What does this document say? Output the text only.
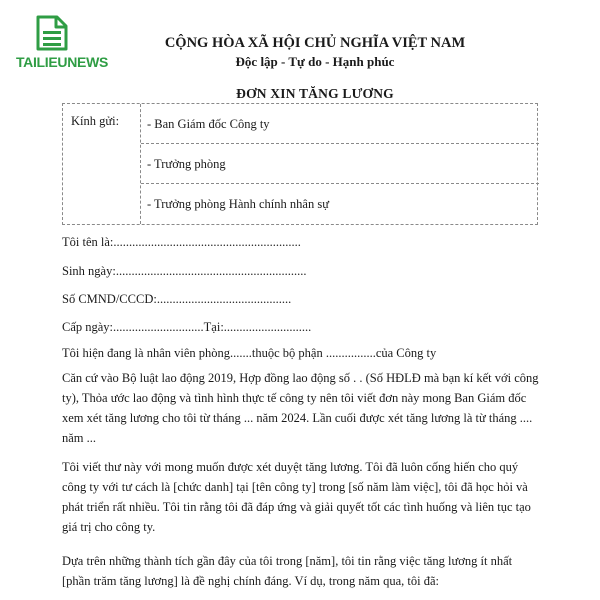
TAILIEUNEWS
CỘNG HÒA XÃ HỘI CHỦ NGHĨA VIỆT NAM
Độc lập - Tự do - Hạnh phúc
ĐƠN XIN TĂNG LƯƠNG
Kính gửi:	- Ban Giám đốc Công ty
- Trưởng phòng
- Trưởng phòng Hành chính nhân sự
Tôi tên là:............................................................
Sinh ngày:.............................................................
Số CMND/CCCD:...........................................
Cấp ngày:.............................Tại:............................
Tôi hiện đang là nhân viên phòng.......thuộc bộ phận ................của Công ty
Căn cứ vào Bộ luật lao động 2019, Hợp đồng lao động số . . (Số HĐLĐ mà bạn kí kết với công ty), Thỏa ước lao động và tình hình thực tế công ty nên tôi viết đơn này mong Ban Giám đốc xem xét tăng lương cho tôi từ tháng ... năm 2024. Lần cuối được xét tăng lương là từ tháng .... năm ...
Tôi viết thư này với mong muốn được xét duyệt tăng lương. Tôi đã luôn cống hiến cho quý công ty với tư cách là [chức danh] tại [tên công ty] trong [số năm làm việc], tôi đã học hỏi và phát triển rất nhiều. Tôi tin rằng tôi đã đáp ứng và giải quyết tốt các tình huống và liên tục tạo giá trị cho công ty.
Dựa trên những thành tích gần đây của tôi trong [năm], tôi tin rằng việc tăng lương ít nhất [phần trăm tăng lương] là đề nghị chính đáng. Ví dụ, trong năm qua, tôi đã:
